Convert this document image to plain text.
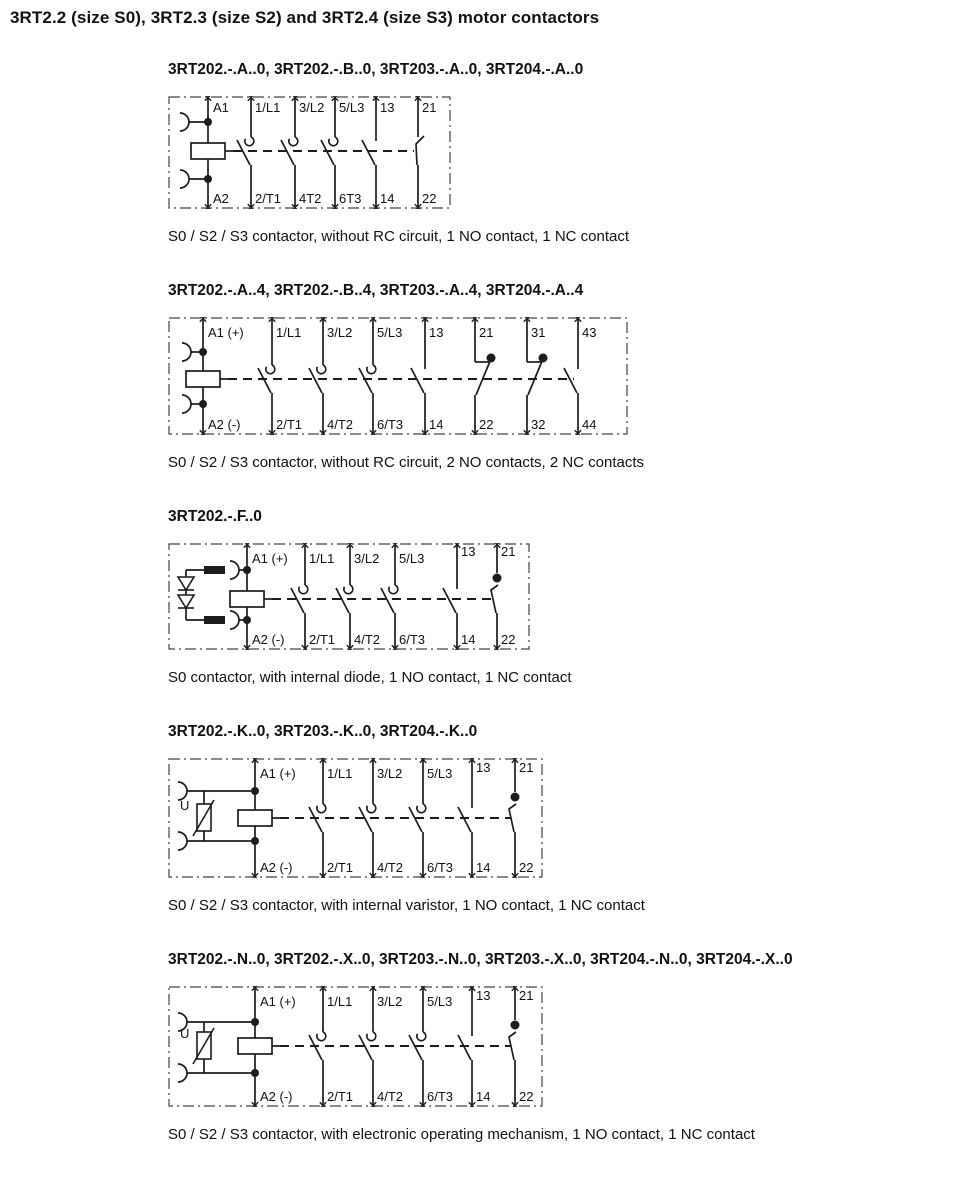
3RT2.2 (size S0), 3RT2.3 (size S2) and 3RT2.4 (size S3) motor contactors
3RT202.-.A..0, 3RT202.-.B..0, 3RT203.-.A..0, 3RT204.-.A..0
A1
A2
1/L1
2/T1
3/L2
4T2
5/L3
6T3
13
14
21
22

S0 / S2 / S3 contactor, without RC circuit, 1 NO contact, 1 NC contact

3RT202.-.A..4, 3RT202.-.B..4, 3RT203.-.A..4, 3RT204.-.A..4
A1 (+)
A2 (-)
1/L1
2/T1
3/L2
4/T2
5/L3
6/T3
13
14
21
22
31
32
43
44

S0 / S2 / S3 contactor, without RC circuit, 2 NO contacts, 2 NC contacts

3RT202.-.F..0
A1 (+)
A2 (-)
1/L1
2/T1
3/L2
4/T2
5/L3
6/T3
13
14
21
22

S0 contactor, with internal diode, 1 NO contact, 1 NC contact

3RT202.-.K..0, 3RT203.-.K..0, 3RT204.-.K..0
A1 (+)
A2 (-)
U
1/L1
2/T1
3/L2
4/T2
5/L3
6/T3
13
14
21
22

S0 / S2 / S3 contactor, with internal varistor, 1 NO contact, 1 NC contact

3RT202.-.N..0, 3RT202.-.X..0, 3RT203.-.N..0, 3RT203.-.X..0, 3RT204.-.N..0, 3RT204.-.X..0
A1 (+)
A2 (-)
U
1/L1
2/T1
3/L2
4/T2
5/L3
6/T3
13
14
21
22

S0 / S2 / S3 contactor, with electronic operating mechanism, 1 NO contact, 1 NC contact
